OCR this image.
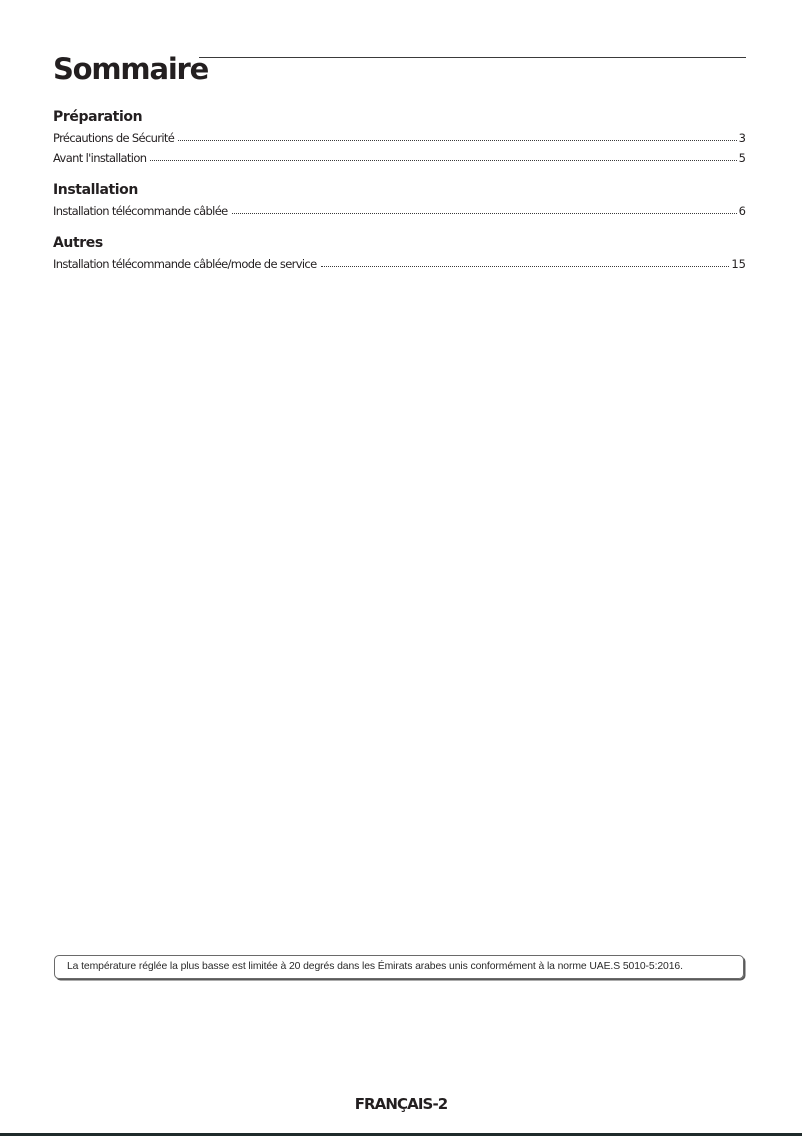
Sommaire
Préparation
Précautions de Sécurité	3
Avant l'installation	5
Installation
Installation télécommande câblée	6
Autres
Installation télécommande câblée/mode de service	15
La température réglée la plus basse est limitée à 20 degrés dans les Émirats arabes unis conformément à la norme UAE.S 5010-5:2016.
FRANÇAIS-2
